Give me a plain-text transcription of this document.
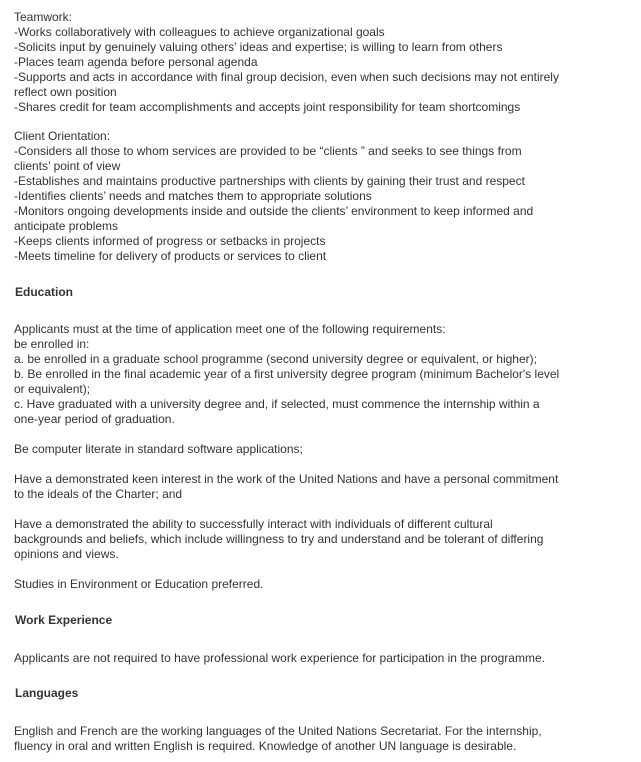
Teamwork:
-Works collaboratively with colleagues to achieve organizational goals
-Solicits input by genuinely valuing others’ ideas and expertise; is willing to learn from others
-Places team agenda before personal agenda
-Supports and acts in accordance with final group decision, even when such decisions may not entirely
reflect own position
-Shares credit for team accomplishments and accepts joint responsibility for team shortcomings
Client Orientation:
-Considers all those to whom services are provided to be “clients ” and seeks to see things from
clients’ point of view
-Establishes and maintains productive partnerships with clients by gaining their trust and respect
-Identifies clients’ needs and matches them to appropriate solutions
-Monitors ongoing developments inside and outside the clients’ environment to keep informed and
anticipate problems
-Keeps clients informed of progress or setbacks in projects
-Meets timeline for delivery of products or services to client
Education
Applicants must at the time of application meet one of the following requirements:
be enrolled in:
a. be enrolled in a graduate school programme (second university degree or equivalent, or higher);
b. Be enrolled in the final academic year of a first university degree program (minimum Bachelor's level
or equivalent);
c. Have graduated with a university degree and, if selected, must commence the internship within a
one-year period of graduation.
Be computer literate in standard software applications;
Have a demonstrated keen interest in the work of the United Nations and have a personal commitment
to the ideals of the Charter; and
Have a demonstrated the ability to successfully interact with individuals of different cultural
backgrounds and beliefs, which include willingness to try and understand and be tolerant of differing
opinions and views.
Studies in Environment or Education preferred.
Work Experience
Applicants are not required to have professional work experience for participation in the programme.
Languages
English and French are the working languages of the United Nations Secretariat. For the internship,
fluency in oral and written English is required. Knowledge of another UN language is desirable.
